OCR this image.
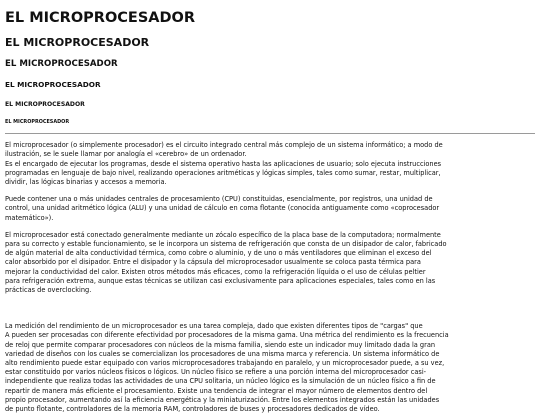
EL MICROPROCESADOR
EL MICROPROCESADOR
EL MICROPROCESADOR
EL MICROPROCESADOR
EL MICROPROCESADOR
EL MICROPROCESADOR

El microprocesador (o simplemente procesador) es el circuito integrado central más complejo de un sistema informático; a modo de
ilustración, se le suele llamar por analogía el «cerebro» de un ordenador.
Es el encargado de ejecutar los programas, desde el sistema operativo hasta las aplicaciones de usuario; solo ejecuta instrucciones
programadas en lenguaje de bajo nivel, realizando operaciones aritméticas y lógicas simples, tales como sumar, restar, multiplicar,
dividir, las lógicas binarias y accesos a memoria.

Puede contener una o más unidades centrales de procesamiento (CPU) constituidas, esencialmente, por registros, una unidad de
control, una unidad aritmético lógica (ALU) y una unidad de cálculo en coma flotante (conocida antiguamente como «coprocesador
matemático»).

El microprocesador está conectado generalmente mediante un zócalo específico de la placa base de la computadora; normalmente
para su correcto y estable funcionamiento, se le incorpora un sistema de refrigeración que consta de un disipador de calor, fabricado
de algún material de alta conductividad térmica, como cobre o aluminio, y de uno o más ventiladores que eliminan el exceso del
calor absorbido por el disipador. Entre el disipador y la cápsula del microprocesador usualmente se coloca pasta térmica para
mejorar la conductividad del calor. Existen otros métodos más eficaces, como la refrigeración líquida o el uso de células peltier
para refrigeración extrema, aunque estas técnicas se utilizan casi exclusivamente para aplicaciones especiales, tales como en las
prácticas de overclocking.

La medición del rendimiento de un microprocesador es una tarea compleja, dado que existen diferentes tipos de "cargas" que
A pueden ser procesadas con diferente efectividad por procesadores de la misma gama. Una métrica del rendimiento es la frecuencia
de reloj que permite comparar procesadores con núcleos de la misma familia, siendo este un indicador muy limitado dada la gran
variedad de diseños con los cuales se comercializan los procesadores de una misma marca y referencia. Un sistema informático de
alto rendimiento puede estar equipado con varios microprocesadores trabajando en paralelo, y un microprocesador puede, a su vez,
estar constituido por varios núcleos físicos o lógicos. Un núcleo físico se refiere a una porción interna del microprocesador casi-
independiente que realiza todas las actividades de una CPU solitaria, un núcleo lógico es la simulación de un núcleo físico a fin de
repartir de manera más eficiente el procesamiento. Existe una tendencia de integrar el mayor número de elementos dentro del
propio procesador, aumentando así la eficiencia energética y la miniaturización. Entre los elementos integrados están las unidades
de punto flotante, controladores de la memoria RAM, controladores de buses y procesadores dedicados de vídeo.
